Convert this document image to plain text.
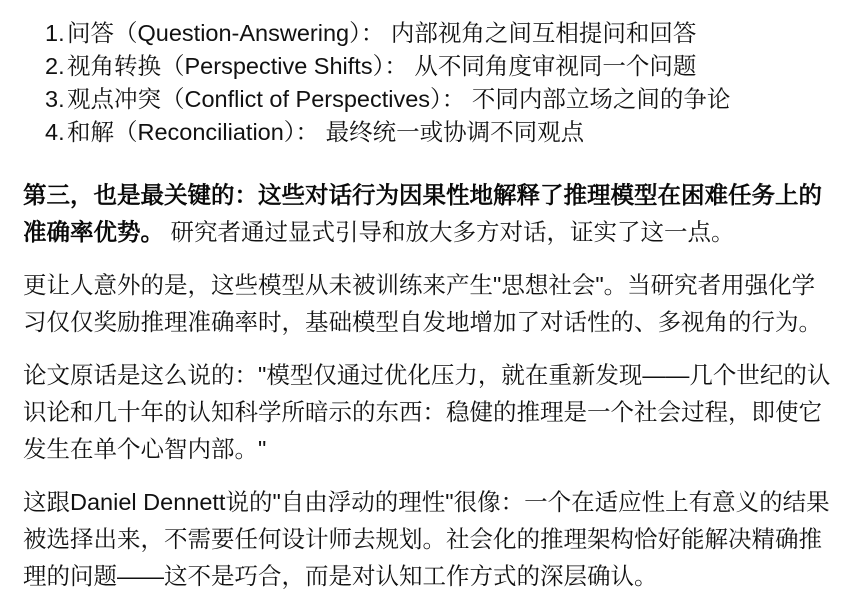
1. 问答（Question-Answering）： 内部视角之间互相提问和回答
2. 视角转换（Perspective Shifts）： 从不同角度审视同一个问题
3. 观点冲突（Conflict of Perspectives）： 不同内部立场之间的争论
4. 和解（Reconciliation）： 最终统一或协调不同观点

第三，也是最关键的：这些对话行为因果性地解释了推理模型在困难任务上的准确率优势。 研究者通过显式引导和放大多方对话，证实了这一点。

更让人意外的是，这些模型从未被训练来产生"思想社会"。当研究者用强化学习仅仅奖励推理准确率时，基础模型自发地增加了对话性的、多视角的行为。

论文原话是这么说的："模型仅通过优化压力，就在重新发现——几个世纪的认识论和几十年的认知科学所暗示的东西：稳健的推理是一个社会过程，即使它发生在单个心智内部。"

这跟Daniel Dennett说的"自由浮动的理性"很像：一个在适应性上有意义的结果被选择出来，不需要任何设计师去规划。社会化的推理架构恰好能解决精确推理的问题——这不是巧合，而是对认知工作方式的深层确认。
